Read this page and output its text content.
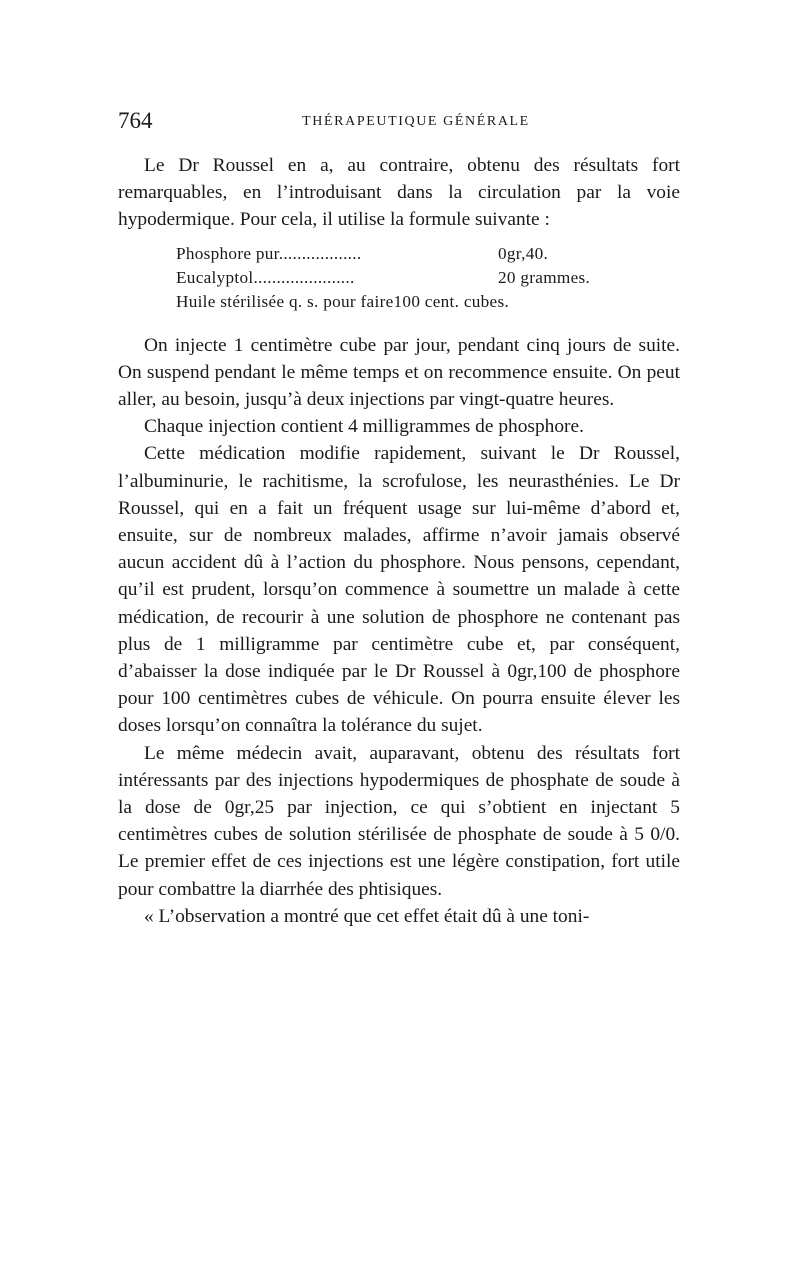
764	THÉRAPEUTIQUE GÉNÉRALE

Le Dr Roussel en a, au contraire, obtenu des résultats fort remarquables, en l’introduisant dans la circulation par la voie hypodermique. Pour cela, il utilise la formule suivante :

Phosphore pur..................	0gr,40.
Eucalyptol......................	20 grammes.
Huile stérilisée q. s. pour faire 100 cent. cubes.

On injecte 1 centimètre cube par jour, pendant cinq jours de suite. On suspend pendant le même temps et on recommence ensuite. On peut aller, au besoin, jusqu’à deux injections par vingt-quatre heures.

Chaque injection contient 4 milligrammes de phosphore.

Cette médication modifie rapidement, suivant le Dr Roussel, l’albuminurie, le rachitisme, la scrofulose, les neurasthénies. Le Dr Roussel, qui en a fait un fréquent usage sur lui-même d’abord et, ensuite, sur de nombreux malades, affirme n’avoir jamais observé aucun accident dû à l’action du phosphore. Nous pensons, cependant, qu’il est prudent, lorsqu’on commence à soumettre un malade à cette médication, de recourir à une solution de phosphore ne contenant pas plus de 1 milligramme par centimètre cube et, par conséquent, d’abaisser la dose indiquée par le Dr Roussel à 0gr,100 de phosphore pour 100 centimètres cubes de véhicule. On pourra ensuite élever les doses lorsqu’on connaîtra la tolérance du sujet.

Le même médecin avait, auparavant, obtenu des résultats fort intéressants par des injections hypodermiques de phosphate de soude à la dose de 0gr,25 par injection, ce qui s’obtient en injectant 5 centimètres cubes de solution stérilisée de phosphate de soude à 5 0/0. Le premier effet de ces injections est une légère constipation, fort utile pour combattre la diarrhée des phtisiques.

« L’observation a montré que cet effet était dû à une toni-
